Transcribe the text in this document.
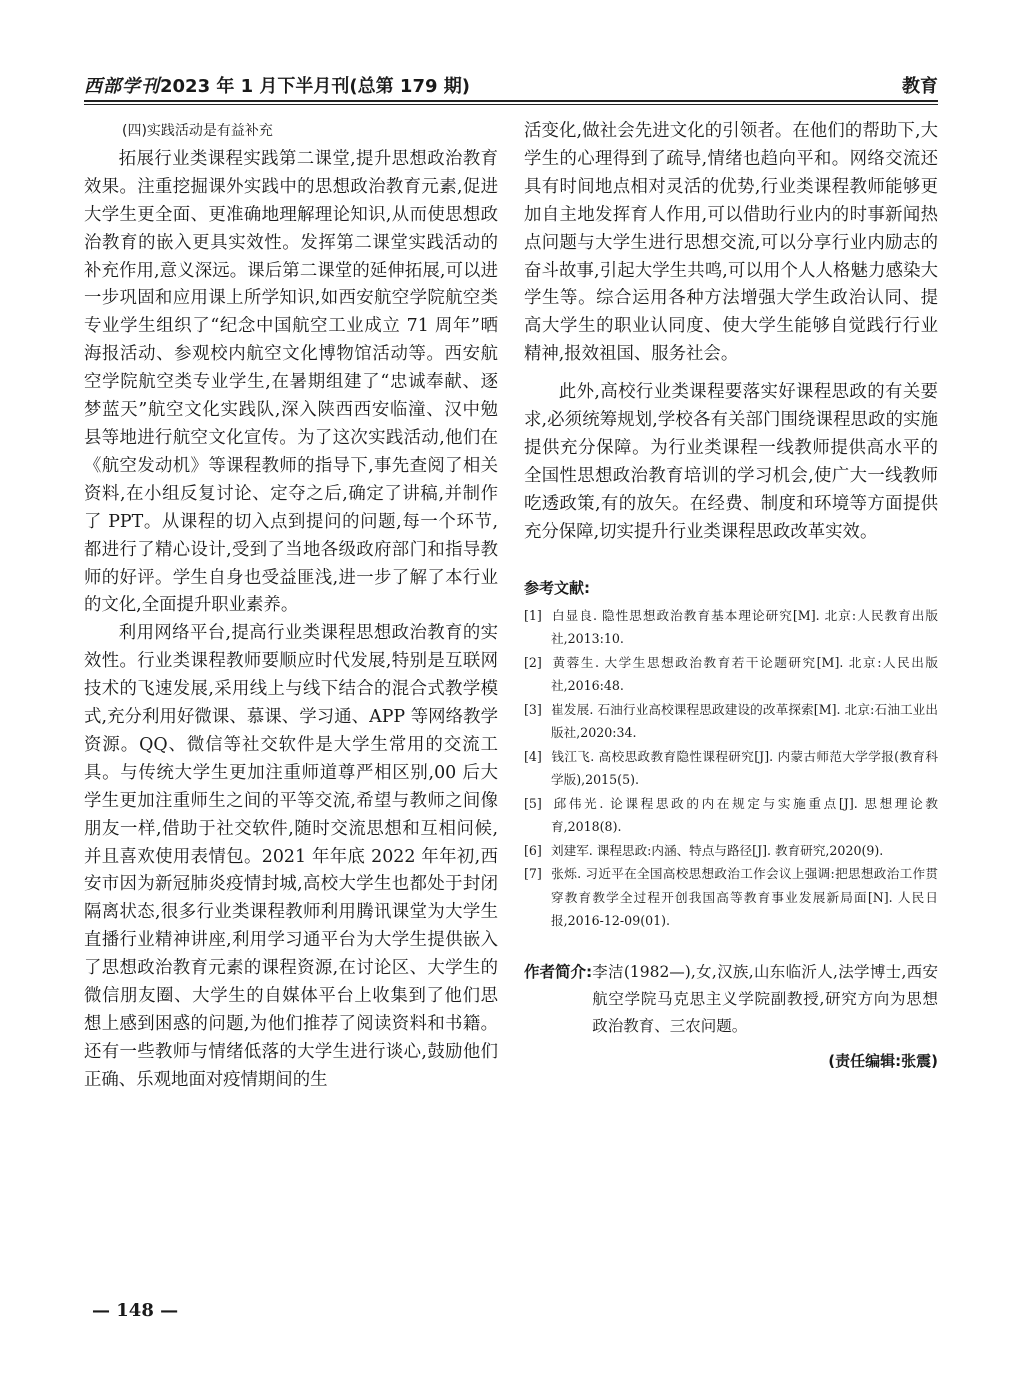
西部学刊2023 年 1 月下半月刊(总第 179 期)	教育

(四)实践活动是有益补充

拓展行业类课程实践第二课堂,提升思想政治教育效果。注重挖掘课外实践中的思想政治教育元素,促进大学生更全面、更准确地理解理论知识,从而使思想政治教育的嵌入更具实效性。发挥第二课堂实践活动的补充作用,意义深远。课后第二课堂的延伸拓展,可以进一步巩固和应用课上所学知识,如西安航空学院航空类专业学生组织了“纪念中国航空工业成立 71 周年”晒海报活动、参观校内航空文化博物馆活动等。西安航空学院航空类专业学生,在暑期组建了“忠诚奉献、逐梦蓝天”航空文化实践队,深入陕西西安临潼、汉中勉县等地进行航空文化宣传。为了这次实践活动,他们在《航空发动机》等课程教师的指导下,事先查阅了相关资料,在小组反复讨论、定夺之后,确定了讲稿,并制作了 PPT。从课程的切入点到提问的问题,每一个环节,都进行了精心设计,受到了当地各级政府部门和指导教师的好评。学生自身也受益匪浅,进一步了解了本行业的文化,全面提升职业素养。

利用网络平台,提高行业类课程思想政治教育的实效性。行业类课程教师要顺应时代发展,特别是互联网技术的飞速发展,采用线上与线下结合的混合式教学模式,充分利用好微课、慕课、学习通、APP 等网络教学资源。QQ、微信等社交软件是大学生常用的交流工具。与传统大学生更加注重师道尊严相区别,00 后大学生更加注重师生之间的平等交流,希望与教师之间像朋友一样,借助于社交软件,随时交流思想和互相问候,并且喜欢使用表情包。2021 年年底 2022 年年初,西安市因为新冠肺炎疫情封城,高校大学生也都处于封闭隔离状态,很多行业类课程教师利用腾讯课堂为大学生直播行业精神讲座,利用学习通平台为大学生提供嵌入了思想政治教育元素的课程资源,在讨论区、大学生的微信朋友圈、大学生的自媒体平台上收集到了他们思想上感到困惑的问题,为他们推荐了阅读资料和书籍。还有一些教师与情绪低落的大学生进行谈心,鼓励他们正确、乐观地面对疫情期间的生

活变化,做社会先进文化的引领者。在他们的帮助下,大学生的心理得到了疏导,情绪也趋向平和。网络交流还具有时间地点相对灵活的优势,行业类课程教师能够更加自主地发挥育人作用,可以借助行业内的时事新闻热点问题与大学生进行思想交流,可以分享行业内励志的奋斗故事,引起大学生共鸣,可以用个人人格魅力感染大学生等。综合运用各种方法增强大学生政治认同、提高大学生的职业认同度、使大学生能够自觉践行行业精神,报效祖国、服务社会。

此外,高校行业类课程要落实好课程思政的有关要求,必须统筹规划,学校各有关部门围绕课程思政的实施提供充分保障。为行业类课程一线教师提供高水平的全国性思想政治教育培训的学习机会,使广大一线教师吃透政策,有的放矢。在经费、制度和环境等方面提供充分保障,切实提升行业类课程思政改革实效。

参考文献:

[1] 白显良. 隐性思想政治教育基本理论研究[M]. 北京:人民教育出版社,2013:10.

[2] 黄蓉生. 大学生思想政治教育若干论题研究[M]. 北京:人民出版社,2016:48.

[3] 崔发展. 石油行业高校课程思政建设的改革探索[M]. 北京:石油工业出版社,2020:34.

[4] 钱江飞. 高校思政教育隐性课程研究[J]. 内蒙古师范大学学报(教育科学版),2015(5).

[5] 邱伟光. 论课程思政的内在规定与实施重点[J]. 思想理论教育,2018(8).

[6] 刘建军. 课程思政:内涵、特点与路径[J]. 教育研究,2020(9).

[7] 张烁. 习近平在全国高校思想政治工作会议上强调:把思想政治工作贯穿教育教学全过程开创我国高等教育事业发展新局面[N]. 人民日报,2016-12-09(01).

作者简介: 李洁(1982—),女,汉族,山东临沂人,法学博士,西安航空学院马克思主义学院副教授,研究方向为思想政治教育、三农问题。
(责任编辑:张震)
— 148 —
